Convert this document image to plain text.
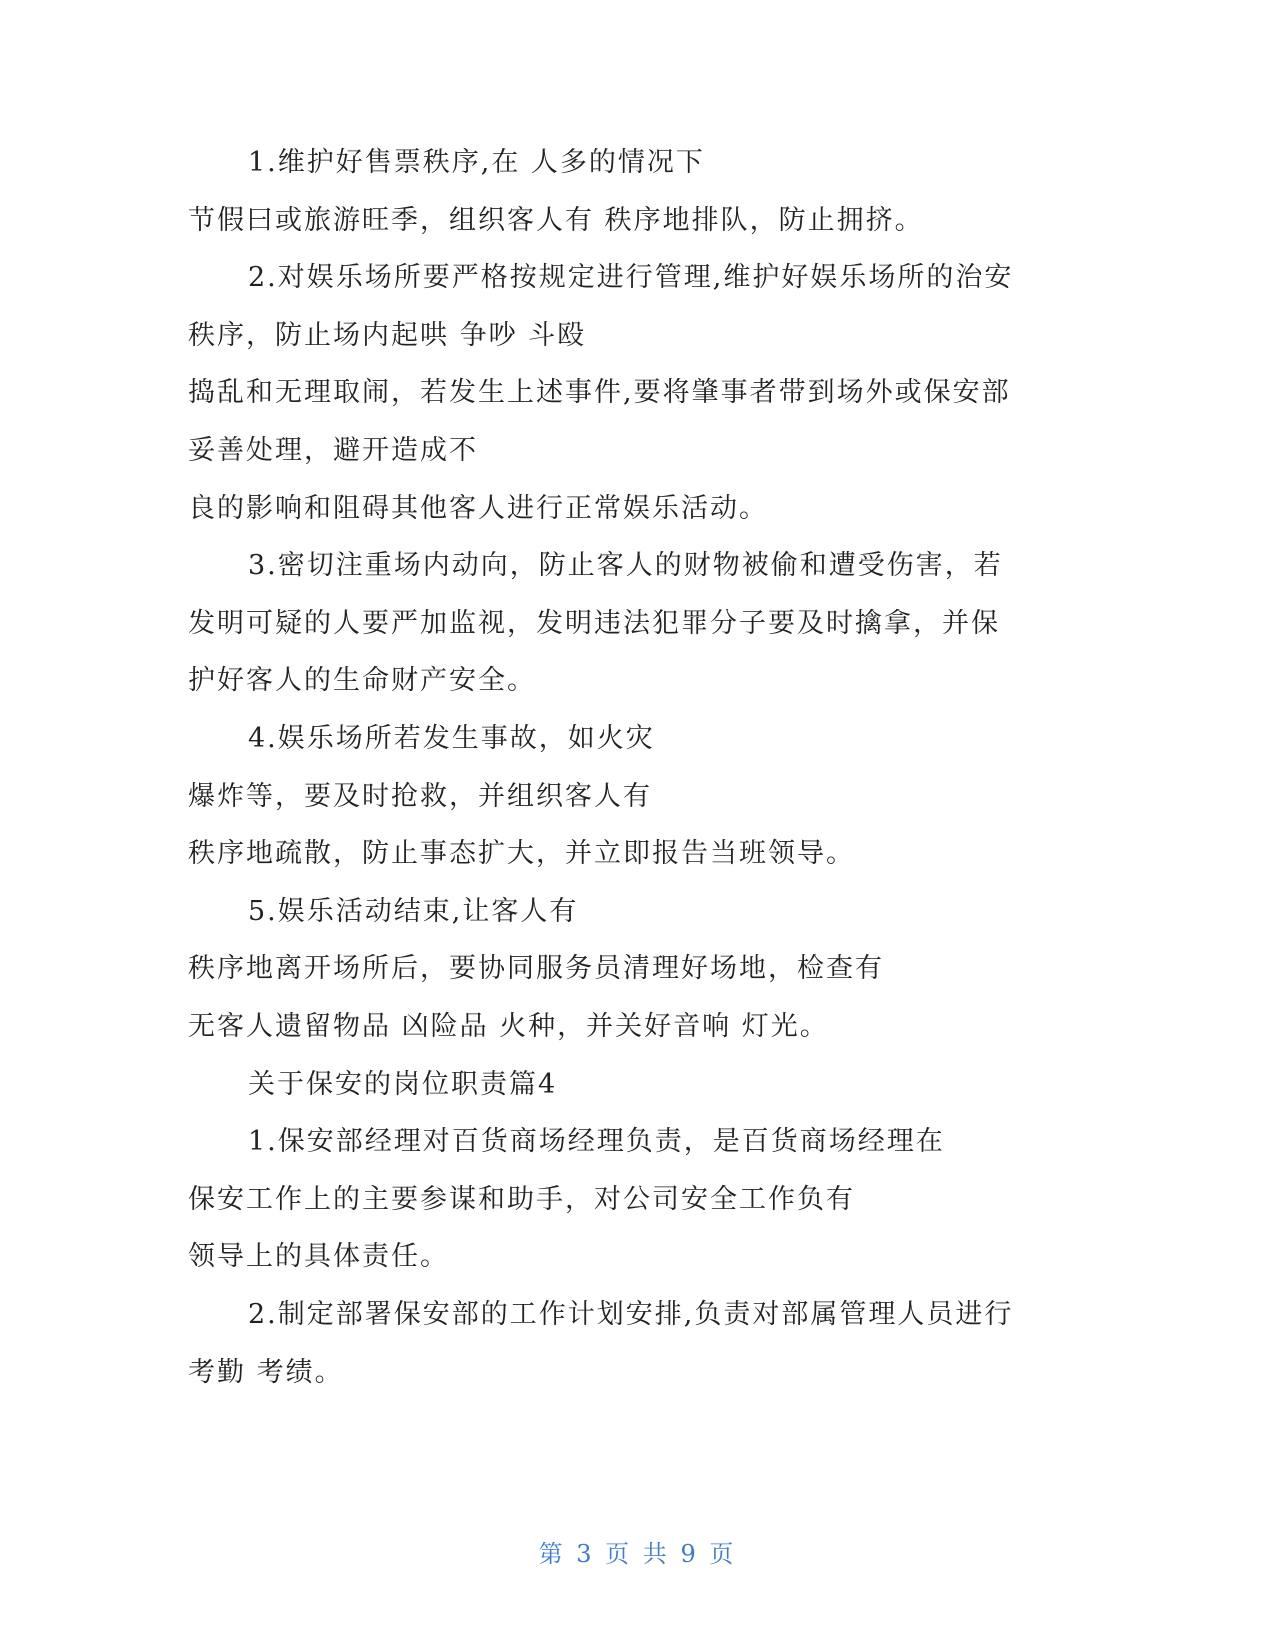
1.维护好售票秩序,在 人多的情况下
节假曰或旅游旺季，组织客人有 秩序地排队，防止拥挤。
2.对娱乐场所要严格按规定进行管理,维护好娱乐场所的治安
秩序，防止场内起哄 争吵 斗殴
捣乱和无理取闹，若发生上述事件,要将肇事者带到场外或保安部
妥善处理，避开造成不
良的影响和阻碍其他客人进行正常娱乐活动。
3.密切注重场内动向，防止客人的财物被偷和遭受伤害，若
发明可疑的人要严加监视，发明违法犯罪分子要及时擒拿，并保
护好客人的生命财产安全。
4.娱乐场所若发生事故，如火灾
爆炸等，要及时抢救，并组织客人有
秩序地疏散，防止事态扩大，并立即报告当班领导。
5.娱乐活动结束,让客人有
秩序地离开场所后，要协同服务员清理好场地，检查有
无客人遗留物品 凶险品 火种，并关好音响 灯光。
关于保安的岗位职责篇4
1.保安部经理对百货商场经理负责，是百货商场经理在
保安工作上的主要参谋和助手，对公司安全工作负有
领导上的具体责任。
2.制定部署保安部的工作计划安排,负责对部属管理人员进行
考勤 考绩。
第 3 页 共 9 页
